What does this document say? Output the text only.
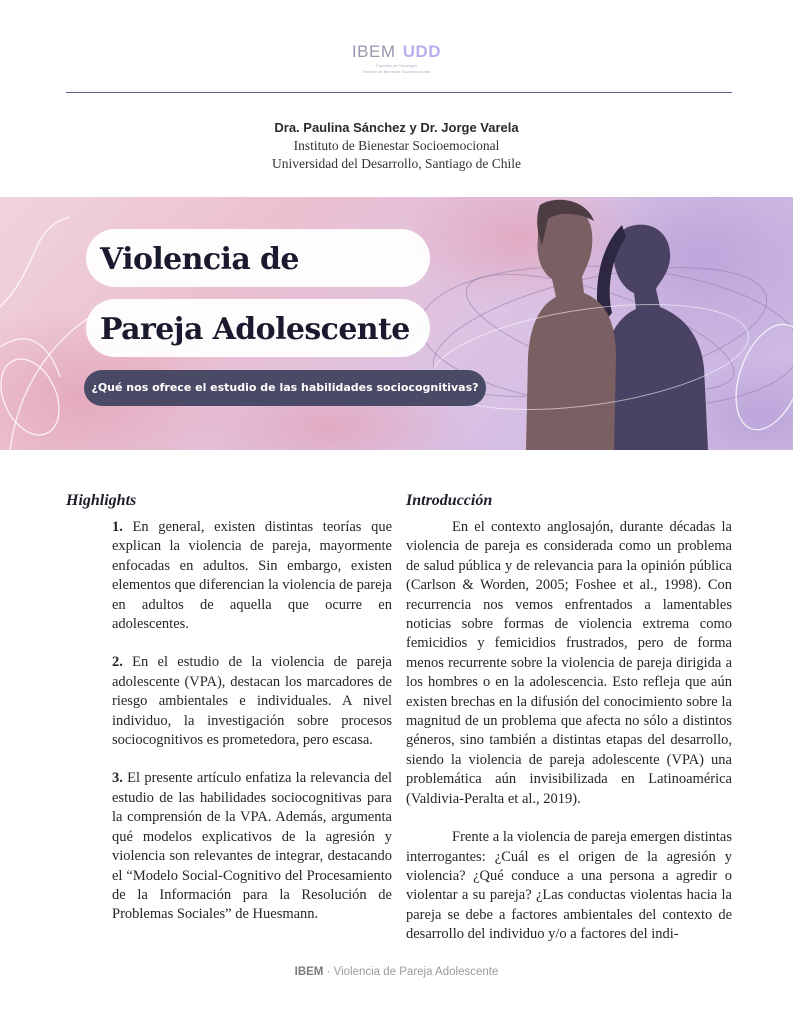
IBEM UDD
Facultad de Psicología
Instituto de Bienestar Socioemocional
Dra. Paulina Sánchez y Dr. Jorge Varela
Instituto de Bienestar Socioemocional
Universidad del Desarrollo, Santiago de Chile
Violencia de
Pareja Adolescente
¿Qué nos ofrece el estudio de las habilidades sociocognitivas?
Highlights

1. En general, existen distintas teorías que explican la violencia de pareja, mayormente enfocadas en adultos. Sin embargo, existen elementos que diferencian la violencia de pareja en adultos de aquella que ocurre en adolescentes.

2. En el estudio de la violencia de pareja adolescente (VPA), destacan los marcadores de riesgo ambientales e individuales. A nivel individuo, la investigación sobre procesos sociocognitivos es prometedora, pero escasa.

3. El presente artículo enfatiza la relevancia del estudio de las habilidades sociocognitivas para la comprensión de la VPA. Además, argumenta qué modelos explicativos de la agresión y violencia son relevantes de integrar, destacando el “Modelo Social-Cognitivo del Procesamiento de la Información para la Resolución de Problemas Sociales” de Huesmann.

Introducción

En el contexto anglosajón, durante décadas la violencia de pareja es considerada como un problema de salud pública y de relevancia para la opinión pública (Carlson & Worden, 2005; Foshee et al., 1998). Con recurrencia nos vemos enfrentados a lamentables noticias sobre formas de violencia extrema como femicidios y femicidios frustrados, pero de forma menos recurrente sobre la violencia de pareja dirigida a los hombres o en la adolescencia. Esto refleja que aún existen brechas en la difusión del conocimiento sobre la magnitud de un problema que afecta no sólo a distintos géneros, sino también a distintas etapas del desarrollo, siendo la violencia de pareja adolescente (VPA) una problemática aún invisibilizada en Latinoamérica (Valdivia-Peralta et al., 2019).

Frente a la violencia de pareja emergen distintas interrogantes: ¿Cuál es el origen de la agresión y violencia? ¿Qué conduce a una persona a agredir o violentar a su pareja? ¿Las conductas violentas hacia la pareja se debe a factores ambientales del contexto de desarrollo del individuo y/o a factores del indi-

IBEM · Violencia de Pareja Adolescente
